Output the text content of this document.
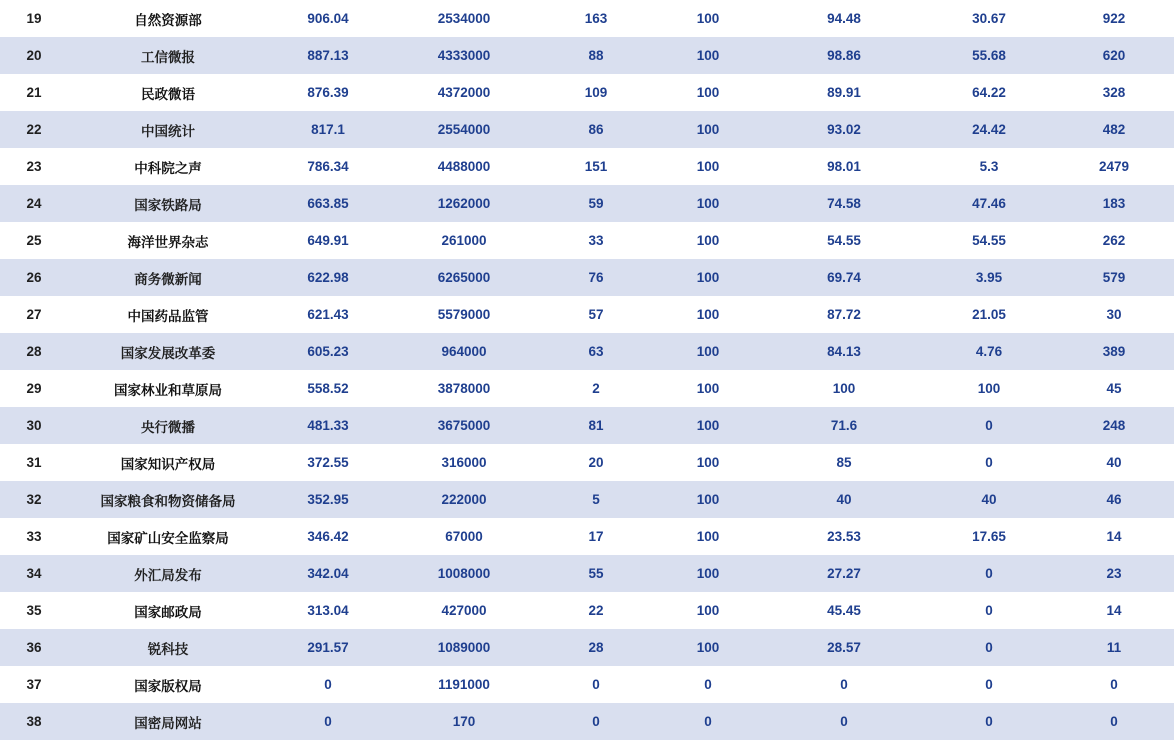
19	自然资源部	906.04	2534000	163	100	94.48	30.67	922
20	工信微报	887.13	4333000	88	100	98.86	55.68	620
21	民政微语	876.39	4372000	109	100	89.91	64.22	328
22	中国统计	817.1	2554000	86	100	93.02	24.42	482
23	中科院之声	786.34	4488000	151	100	98.01	5.3	2479
24	国家铁路局	663.85	1262000	59	100	74.58	47.46	183
25	海洋世界杂志	649.91	261000	33	100	54.55	54.55	262
26	商务微新闻	622.98	6265000	76	100	69.74	3.95	579
27	中国药品监管	621.43	5579000	57	100	87.72	21.05	30
28	国家发展改革委	605.23	964000	63	100	84.13	4.76	389
29	国家林业和草原局	558.52	3878000	2	100	100	100	45
30	央行微播	481.33	3675000	81	100	71.6	0	248
31	国家知识产权局	372.55	316000	20	100	85	0	40
32	国家粮食和物资储备局	352.95	222000	5	100	40	40	46
33	国家矿山安全监察局	346.42	67000	17	100	23.53	17.65	14
34	外汇局发布	342.04	1008000	55	100	27.27	0	23
35	国家邮政局	313.04	427000	22	100	45.45	0	14
36	锐科技	291.57	1089000	28	100	28.57	0	11
37	国家版权局	0	1191000	0	0	0	0	0
38	国密局网站	0	170	0	0	0	0	0
